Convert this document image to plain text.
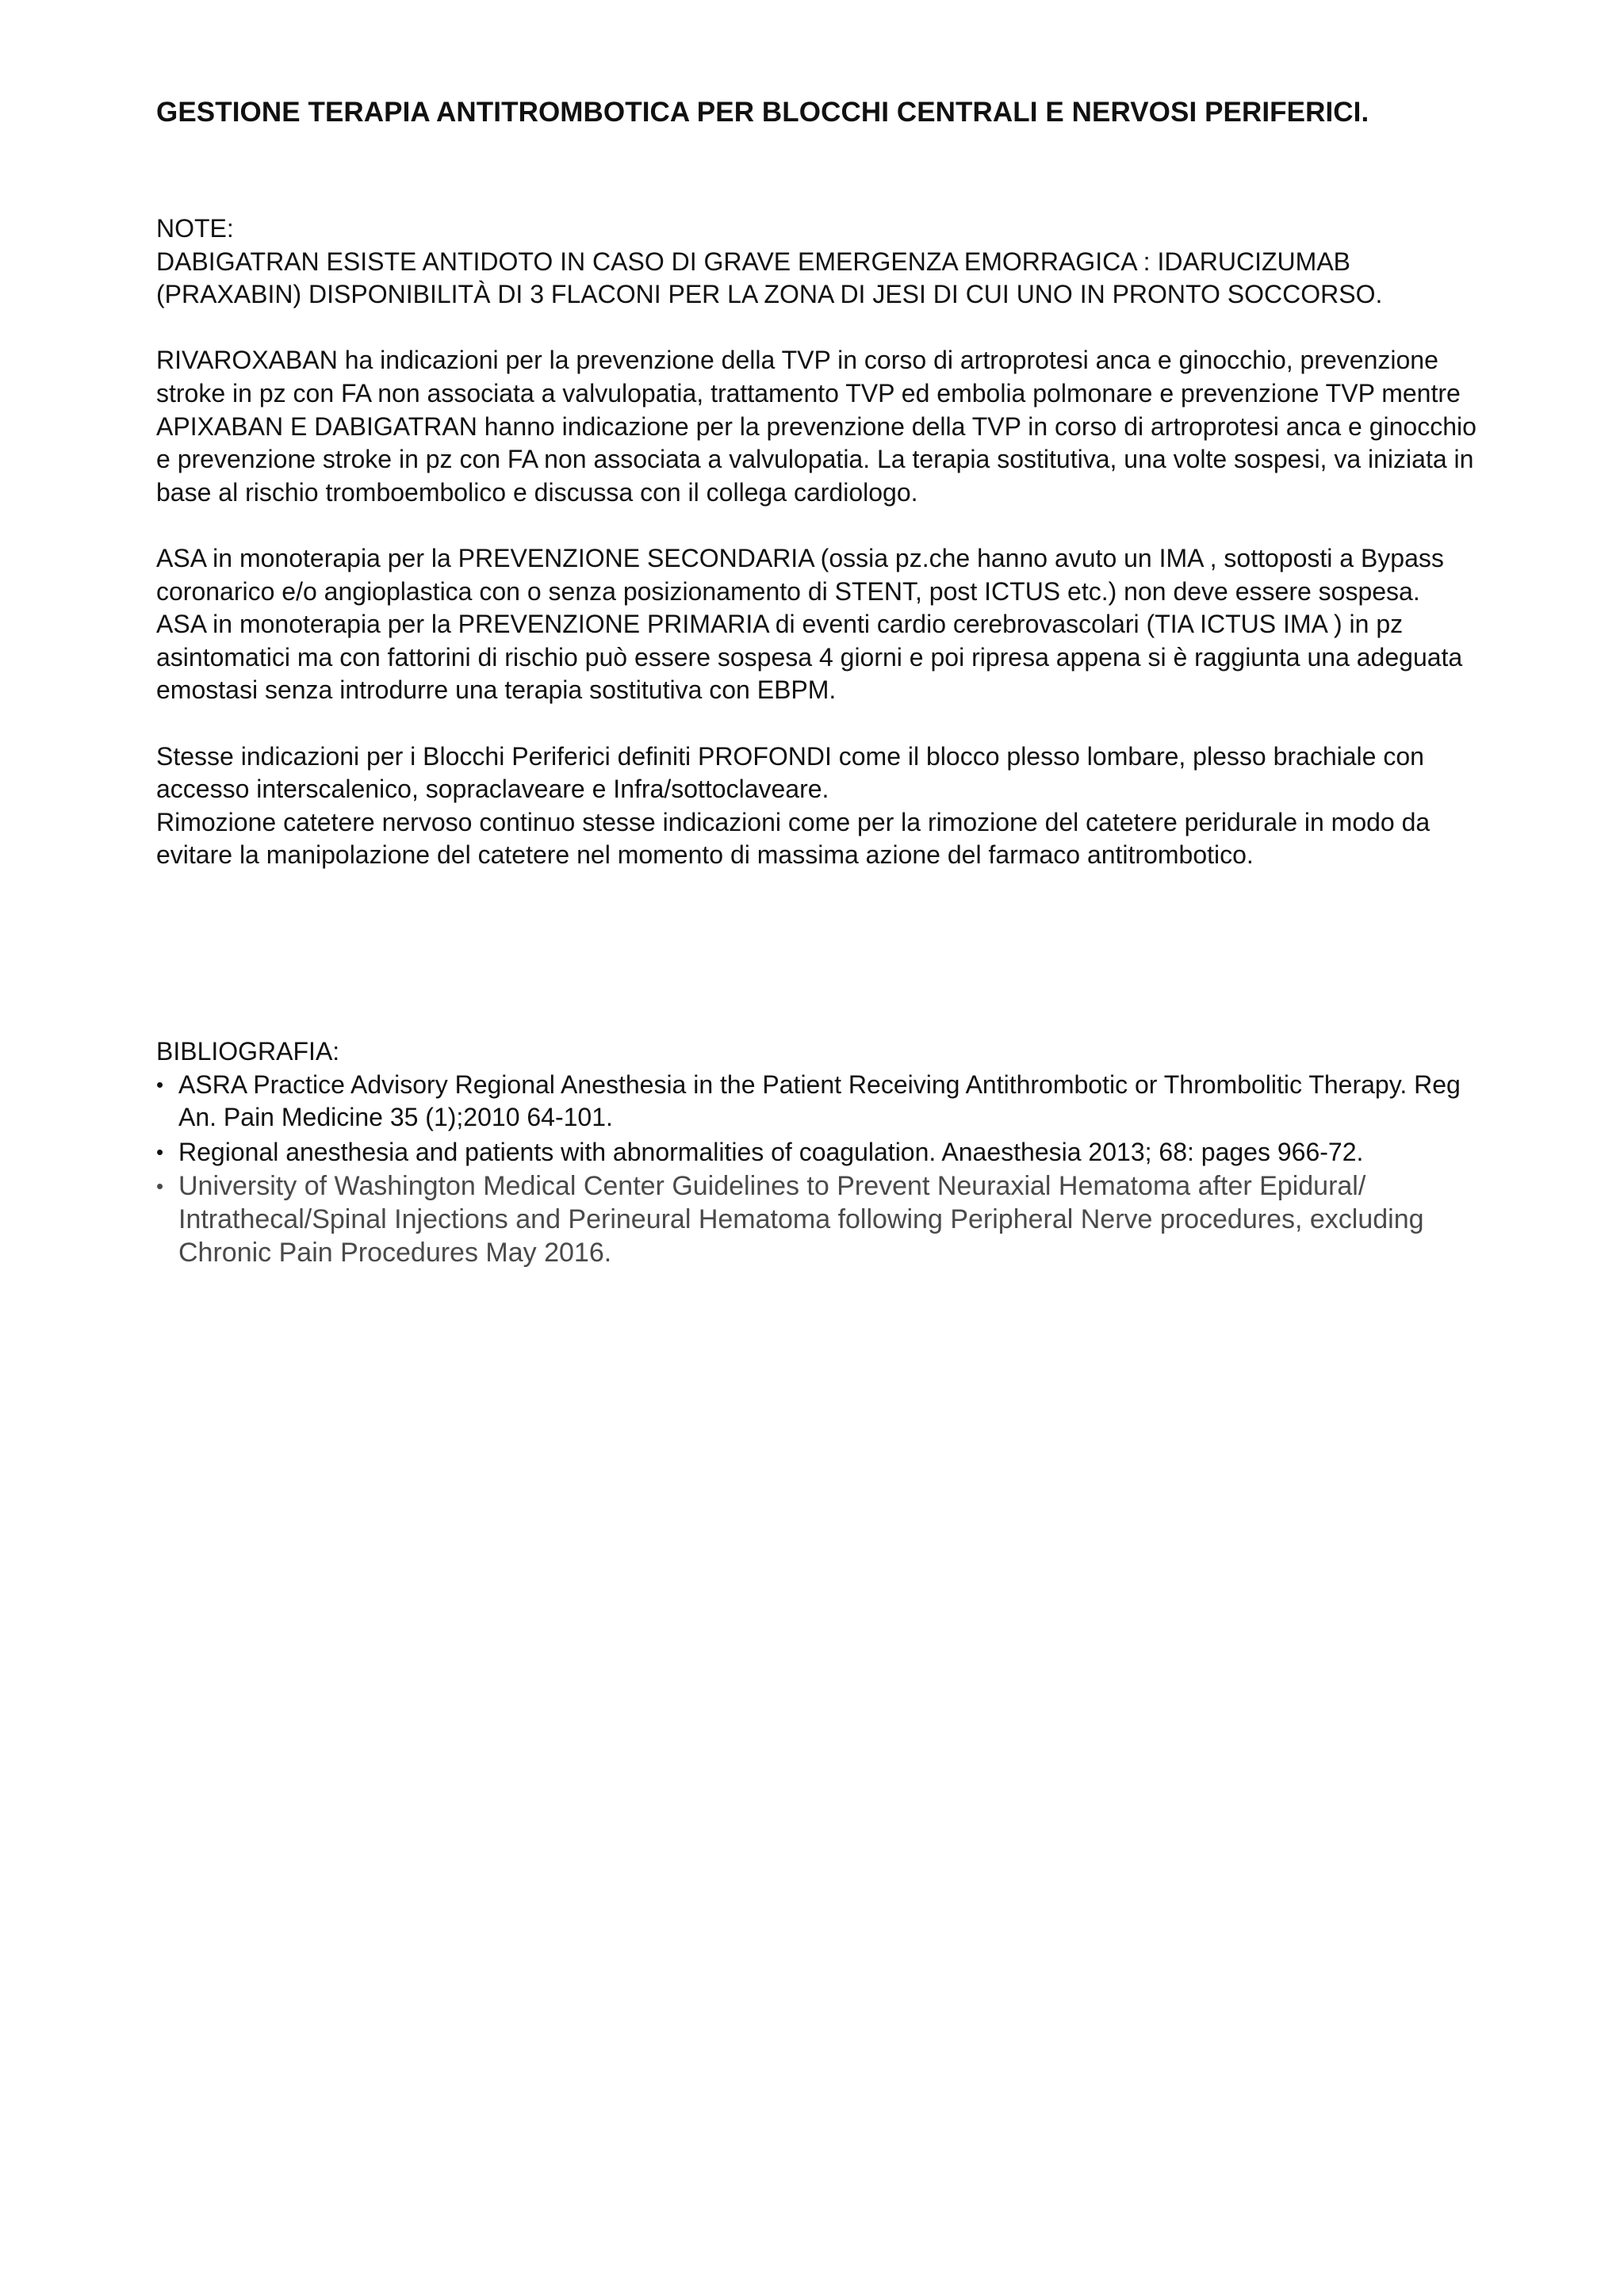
GESTIONE TERAPIA ANTITROMBOTICA PER BLOCCHI CENTRALI E NERVOSI PERIFERICI.

NOTE:

DABIGATRAN ESISTE ANTIDOTO IN CASO DI GRAVE EMERGENZA EMORRAGICA : IDARUCIZUMAB (PRAXABIN) DISPONIBILITÀ DI 3 FLACONI PER LA ZONA DI JESI DI CUI UNO IN PRONTO SOCCORSO.

RIVAROXABAN ha indicazioni per la prevenzione della TVP in corso di artroprotesi anca e ginocchio, prevenzione stroke in pz con FA non associata a valvulopatia, trattamento TVP ed embolia polmonare e prevenzione TVP mentre APIXABAN E DABIGATRAN hanno indicazione per la prevenzione della TVP in corso di artroprotesi anca e ginocchio e prevenzione stroke in pz con FA non associata a valvulopatia. La terapia sostitutiva, una volte sospesi, va iniziata in base al rischio tromboembolico e discussa con il collega cardiologo.

ASA in monoterapia per la PREVENZIONE SECONDARIA (ossia pz.che hanno avuto un IMA , sottoposti a Bypass coronarico e/o angioplastica con o senza posizionamento di STENT, post ICTUS etc.) non deve essere sospesa.

ASA in monoterapia per la PREVENZIONE PRIMARIA di eventi cardio cerebrovascolari (TIA ICTUS IMA ) in pz asintomatici ma con fattorini di rischio può essere sospesa 4 giorni e poi ripresa appena si è raggiunta una adeguata emostasi senza introdurre una terapia sostitutiva con EBPM.

Stesse indicazioni per i Blocchi Periferici definiti PROFONDI come il blocco plesso lombare, plesso brachiale con accesso interscalenico, sopraclaveare e Infra/sottoclaveare.

Rimozione catetere nervoso continuo stesse indicazioni come per la rimozione del catetere peridurale in modo da evitare la manipolazione del catetere nel momento di massima azione del farmaco antitrombotico.

BIBLIOGRAFIA:

• ASRA Practice Advisory Regional Anesthesia in the Patient Receiving Antithrombotic or Thrombolitic Therapy. Reg An. Pain Medicine 35 (1);2010 64-101.
• Regional anesthesia and patients with abnormalities of coagulation. Anaesthesia 2013; 68: pages 966-72.
• University of Washington Medical Center Guidelines to Prevent Neuraxial Hematoma after Epidural/ Intrathecal/Spinal Injections and Perineural Hematoma following Peripheral Nerve procedures, excluding Chronic Pain Procedures May 2016.
